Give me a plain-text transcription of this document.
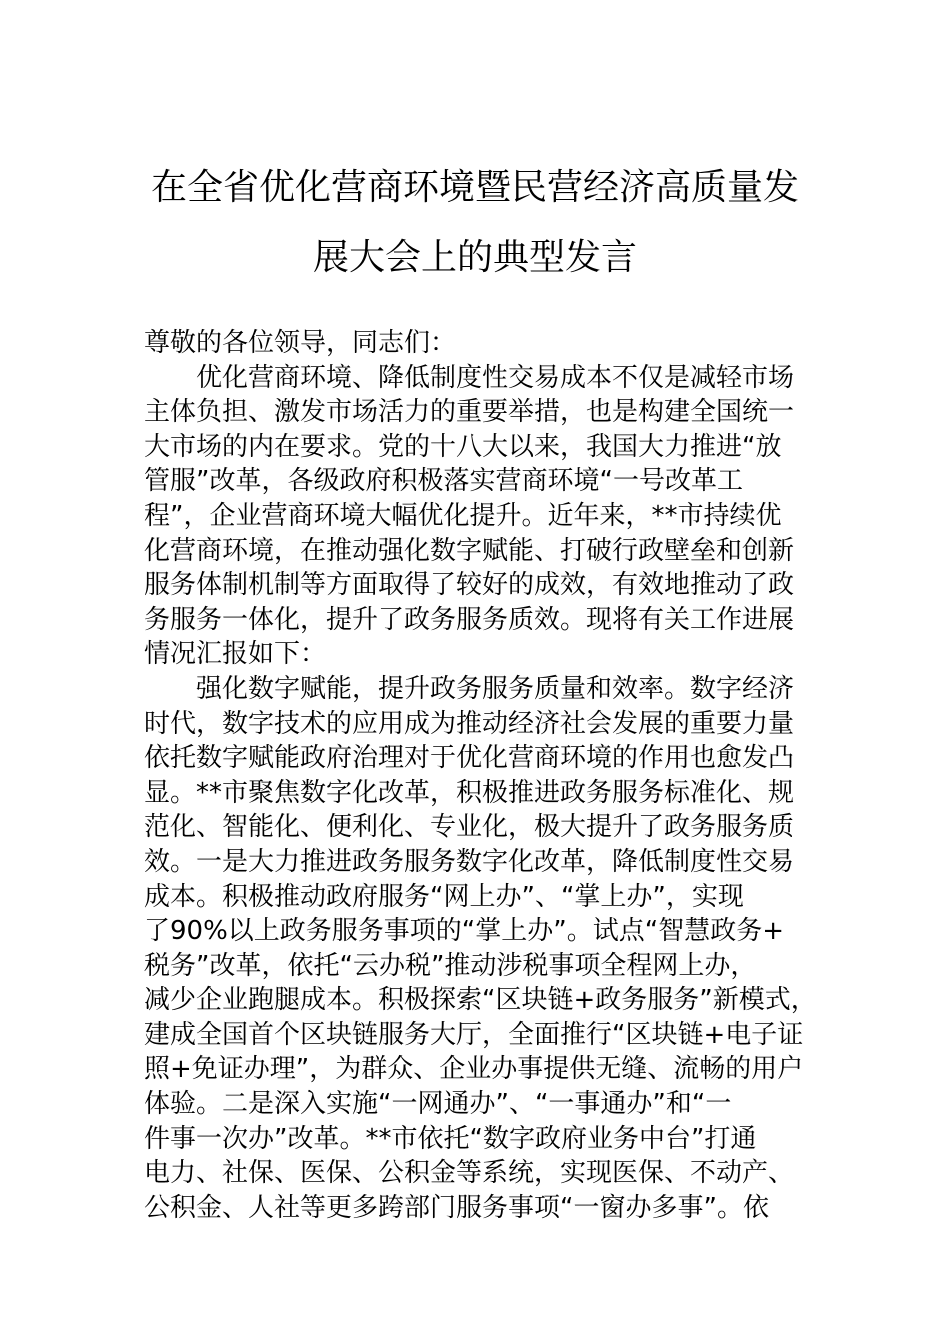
在全省优化营商环境暨民营经济高质量发
展大会上的典型发言
尊敬的各位领导，同志们：
优化营商环境、降低制度性交易成本不仅是减轻市场
主体负担、激发市场活力的重要举措，也是构建全国统一
大市场的内在要求。党的十八大以来，我国大力推进“放
管服”改革，各级政府积极落实营商环境“一号改革工
程”，企业营商环境大幅优化提升。近年来，**市持续优
化营商环境，在推动强化数字赋能、打破行政壁垒和创新
服务体制机制等方面取得了较好的成效，有效地推动了政
务服务一体化，提升了政务服务质效。现将有关工作进展
情况汇报如下：
强化数字赋能，提升政务服务质量和效率。数字经济
时代，数字技术的应用成为推动经济社会发展的重要力量
依托数字赋能政府治理对于优化营商环境的作用也愈发凸
显。**市聚焦数字化改革，积极推进政务服务标准化、规
范化、智能化、便利化、专业化，极大提升了政务服务质
效。一是大力推进政务服务数字化改革，降低制度性交易
成本。积极推动政府服务“网上办”、“掌上办”，实现
了90%以上政务服务事项的“掌上办”。试点“智慧政务+
税务”改革，依托“云办税”推动涉税事项全程网上办，
减少企业跑腿成本。积极探索“区块链+政务服务”新模式，
建成全国首个区块链服务大厅，全面推行“区块链+电子证
照+免证办理”，为群众、企业办事提供无缝、流畅的用户
体验。二是深入实施“一网通办”、“一事通办”和“一
件事一次办”改革。**市依托“数字政府业务中台”打通
电力、社保、医保、公积金等系统，实现医保、不动产、
公积金、人社等更多跨部门服务事项“一窗办多事”。依
